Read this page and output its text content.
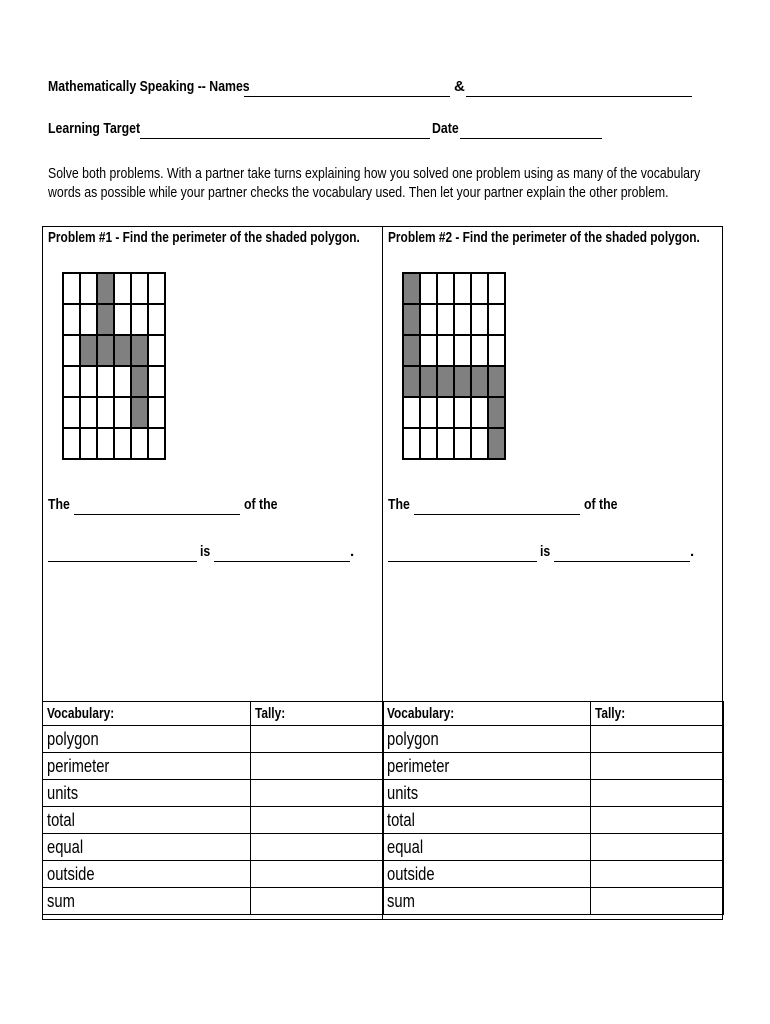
Mathematically Speaking -- Names	&
Learning Target	Date
Solve both problems. With a partner take turns explaining how you solved one problem using as many of the vocabulary words as possible while your partner checks the vocabulary used. Then let your partner explain the other problem.
Problem #1 - Find the perimeter of the shaded polygon.
The	of the
is	.
Problem #2 - Find the perimeter of the shaded polygon.
The	of the
is	.
Vocabulary:	Tally:
polygon	
perimeter	
units	
total	
equal	
outside	
sum	
Vocabulary:	Tally:
polygon	
perimeter	
units	
total	
equal	
outside	
sum	
